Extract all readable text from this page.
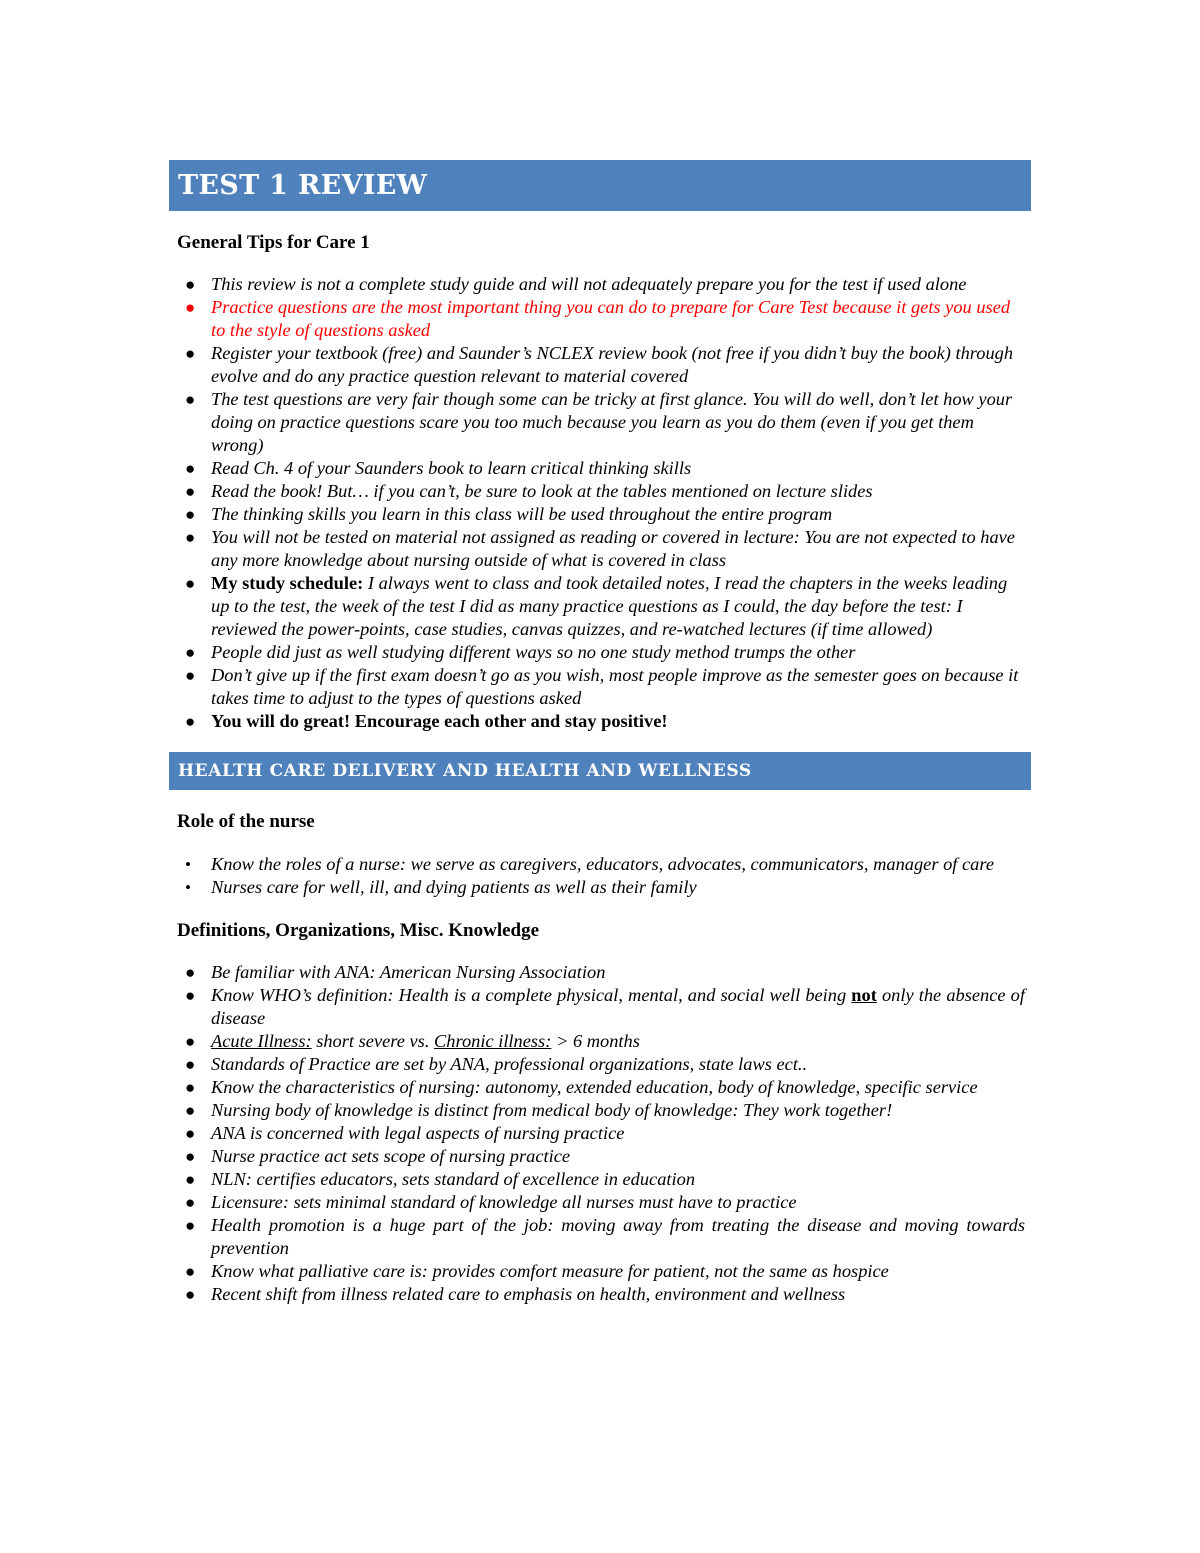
TEST 1 REVIEW
General Tips for Care 1
● This review is not a complete study guide and will not adequately prepare you for the test if used alone
● Practice questions are the most important thing you can do to prepare for Care Test because it gets you used to the style of questions asked
● Register your textbook (free) and Saunder’s NCLEX review book (not free if you didn’t buy the book) through evolve and do any practice question relevant to material covered
● The test questions are very fair though some can be tricky at first glance. You will do well, don’t let how your doing on practice questions scare you too much because you learn as you do them (even if you get them wrong)
● Read Ch. 4 of your Saunders book to learn critical thinking skills
● Read the book! But… if you can’t, be sure to look at the tables mentioned on lecture slides
● The thinking skills you learn in this class will be used throughout the entire program
● You will not be tested on material not assigned as reading or covered in lecture: You are not expected to have any more knowledge about nursing outside of what is covered in class
● My study schedule: I always went to class and took detailed notes, I read the chapters in the weeks leading up to the test, the week of the test I did as many practice questions as I could, the day before the test: I reviewed the power-points, case studies, canvas quizzes, and re-watched lectures (if time allowed)
● People did just as well studying different ways so no one study method trumps the other
● Don’t give up if the first exam doesn’t go as you wish, most people improve as the semester goes on because it takes time to adjust to the types of questions asked
● You will do great! Encourage each other and stay positive!
HEALTH CARE DELIVERY AND HEALTH AND WELLNESS
Role of the nurse
• Know the roles of a nurse: we serve as caregivers, educators, advocates, communicators, manager of care
• Nurses care for well, ill, and dying patients as well as their family
Definitions, Organizations, Misc. Knowledge
● Be familiar with ANA: American Nursing Association
● Know WHO’s definition: Health is a complete physical, mental, and social well being not only the absence of disease
● Acute Illness: short severe vs. Chronic illness: > 6 months
● Standards of Practice are set by ANA, professional organizations, state laws ect..
● Know the characteristics of nursing: autonomy, extended education, body of knowledge, specific service
● Nursing body of knowledge is distinct from medical body of knowledge: They work together!
● ANA is concerned with legal aspects of nursing practice
● Nurse practice act sets scope of nursing practice
● NLN: certifies educators, sets standard of excellence in education
● Licensure: sets minimal standard of knowledge all nurses must have to practice
● Health promotion is a huge part of the job: moving away from treating the disease and moving towards prevention
● Know what palliative care is: provides comfort measure for patient, not the same as hospice
● Recent shift from illness related care to emphasis on health, environment and wellness
